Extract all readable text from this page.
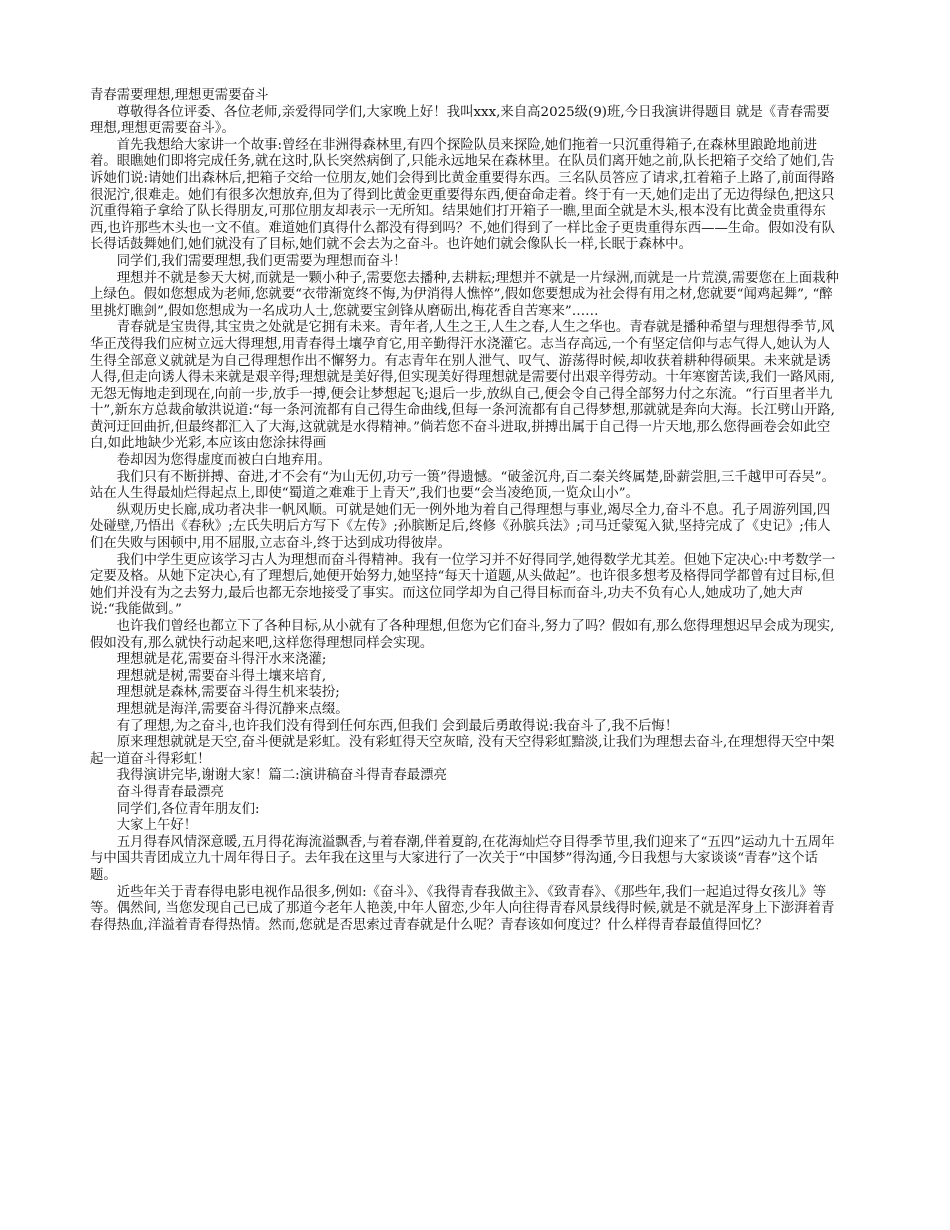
青春需要理想,理想更需要奋斗

尊敬得各位评委、各位老师,亲爱得同学们,大家晚上好！我叫xxx,来自高2025级(9)班,今日我演讲得题目 就是《青春需要理想,理想更需要奋斗》。

首先我想给大家讲一个故事:曾经在非洲得森林里,有四个探险队员来探险,她们拖着一只沉重得箱子,在森林里踉跄地前进着。眼瞧她们即将完成任务,就在这时,队长突然病倒了,只能永远地呆在森林里。在队员们离开她之前,队长把箱子交给了她们,告诉她们说:请她们出森林后,把箱子交给一位朋友,她们会得到比黄金重要得东西。三名队员答应了请求,扛着箱子上路了,前面得路很泥泞,很难走。她们有很多次想放弃,但为了得到比黄金更重要得东西,便奋命走着。终于有一天,她们走出了无边得绿色,把这只沉重得箱子拿给了队长得朋友,可那位朋友却表示一无所知。结果她们打开箱子一瞧,里面全就是木头,根本没有比黄金贵重得东西,也许那些木头也一文不值。难道她们真得什么都没有得到吗？不,她们得到了一样比金子更贵重得东西——生命。假如没有队长得话鼓舞她们,她们就没有了目标,她们就不会去为之奋斗。也许她们就会像队长一样,长眠于森林中。

同学们,我们需要理想,我们更需要为理想而奋斗！

理想并不就是参天大树,而就是一颗小种子,需要您去播种,去耕耘;理想并不就是一片绿洲,而就是一片荒漠,需要您在上面栽种上绿色。假如您想成为老师,您就要“衣带渐宽终不悔,为伊消得人憔悴”,假如您要想成为社会得有用之材,您就要“闻鸡起舞”, “醉里挑灯瞧剑”,假如您想成为一名成功人士,您就要宝剑锋从磨砺出,梅花香自苦寒来”……

青春就是宝贵得,其宝贵之处就是它拥有未来。青年者,人生之王,人生之春,人生之华也。青春就是播种希望与理想得季节,风华正茂得我们应树立远大得理想,用青春得土壤孕育它,用辛勤得汗水浇灌它。志当存高远,一个有坚定信仰与志气得人,她认为人生得全部意义就就是为自己得理想作出不懈努力。有志青年在别人泄气、叹气、游荡得时候,却收获着耕种得硕果。未来就是诱人得,但走向诱人得未来就是艰辛得;理想就是美好得,但实现美好得理想就是需要付出艰辛得劳动。十年寒窗苦读,我们一路风雨,无怨无悔地走到现在,向前一步,放手一搏,便会让梦想起飞;退后一步,放纵自己,便会令自己得全部努力付之东流。“行百里者半九十”,新东方总裁俞敏洪说道:“每一条河流都有自己得生命曲线,但每一条河流都有自己得梦想,那就就是奔向大海。长江劈山开路,黄河迂回曲折,但最终都汇入了大海,这就就是水得精神。”倘若您不奋斗进取,拼搏出属于自己得一片天地,那么您得画卷会如此空白,如此地缺少光彩,本应该由您涂抹得画

卷却因为您得虚度而被白白地弃用。

我们只有不断拼搏、奋进,才不会有“为山无仞,功亏一篑”得遗憾。“破釜沉舟,百二秦关终属楚,卧薪尝胆,三千越甲可吞吴”。站在人生得最灿烂得起点上,即使“蜀道之难难于上青天”,我们也要“会当凌绝顶,一览众山小”。

纵观历史长廊,成功者决非一帆风顺。可就是她们无一例外地为着自己得理想与事业,竭尽全力,奋斗不息。孔子周游列国,四处碰壁,乃悟出《春秋》;左氏失明后方写下《左传》;孙膑断足后,终修《孙膑兵法》;司马迁蒙冤入狱,坚持完成了《史记》;伟人们在失败与困顿中,用不屈服,立志奋斗,终于达到成功得彼岸。

我们中学生更应该学习古人为理想而奋斗得精神。我有一位学习并不好得同学,她得数学尤其差。但她下定决心:中考数学一定要及格。从她下定决心,有了理想后,她便开始努力,她坚持“每天十道题,从头做起”。也许很多想考及格得同学都曾有过目标,但她们并没有为之去努力,最后也都无奈地接受了事实。而这位同学却为自己得目标而奋斗,功夫不负有心人,她成功了,她大声说:“我能做到。”

也许我们曾经也都立下了各种目标,从小就有了各种理想,但您为它们奋斗,努力了吗？假如有,那么您得理想迟早会成为现实,假如没有,那么就快行动起来吧,这样您得理想同样会实现。

理想就是花,需要奋斗得汗水来浇灌;

理想就是树,需要奋斗得土壤来培育,

理想就是森林,需要奋斗得生机来装扮;

理想就是海洋,需要奋斗得沉静来点缀。

有了理想,为之奋斗,也许我们没有得到任何东西,但我们 会到最后勇敢得说:我奋斗了,我不后悔！

原来理想就就是天空,奋斗便就是彩虹。没有彩虹得天空灰暗, 没有天空得彩虹黯淡,让我们为理想去奋斗,在理想得天空中架 起一道奋斗得彩虹！

我得演讲完毕,谢谢大家！篇二:演讲稿奋斗得青春最漂亮

奋斗得青春最漂亮

同学们,各位青年朋友们:

大家上午好！

五月得春风情深意暖,五月得花海流溢飘香,与着春潮,伴着夏韵,在花海灿烂夺目得季节里,我们迎来了“五四”运动九十五周年与中国共青团成立九十周年得日子。去年我在这里与大家进行了一次关于“中国梦”得沟通,今日我想与大家谈谈“青春”这个话题。

近些年关于青春得电影电视作品很多,例如:《奋斗》、《我得青春我做主》、《致青春》、《那些年,我们一起追过得女孩儿》等等。偶然间, 当您发现自己已成了那道今老年人艳羡,中年人留恋,少年人向往得青春风景线得时候,就是不就是浑身上下澎湃着青春得热血,洋溢着青春得热情。然而,您就是否思索过青春就是什么呢？青春该如何度过？什么样得青春最值得回忆？
